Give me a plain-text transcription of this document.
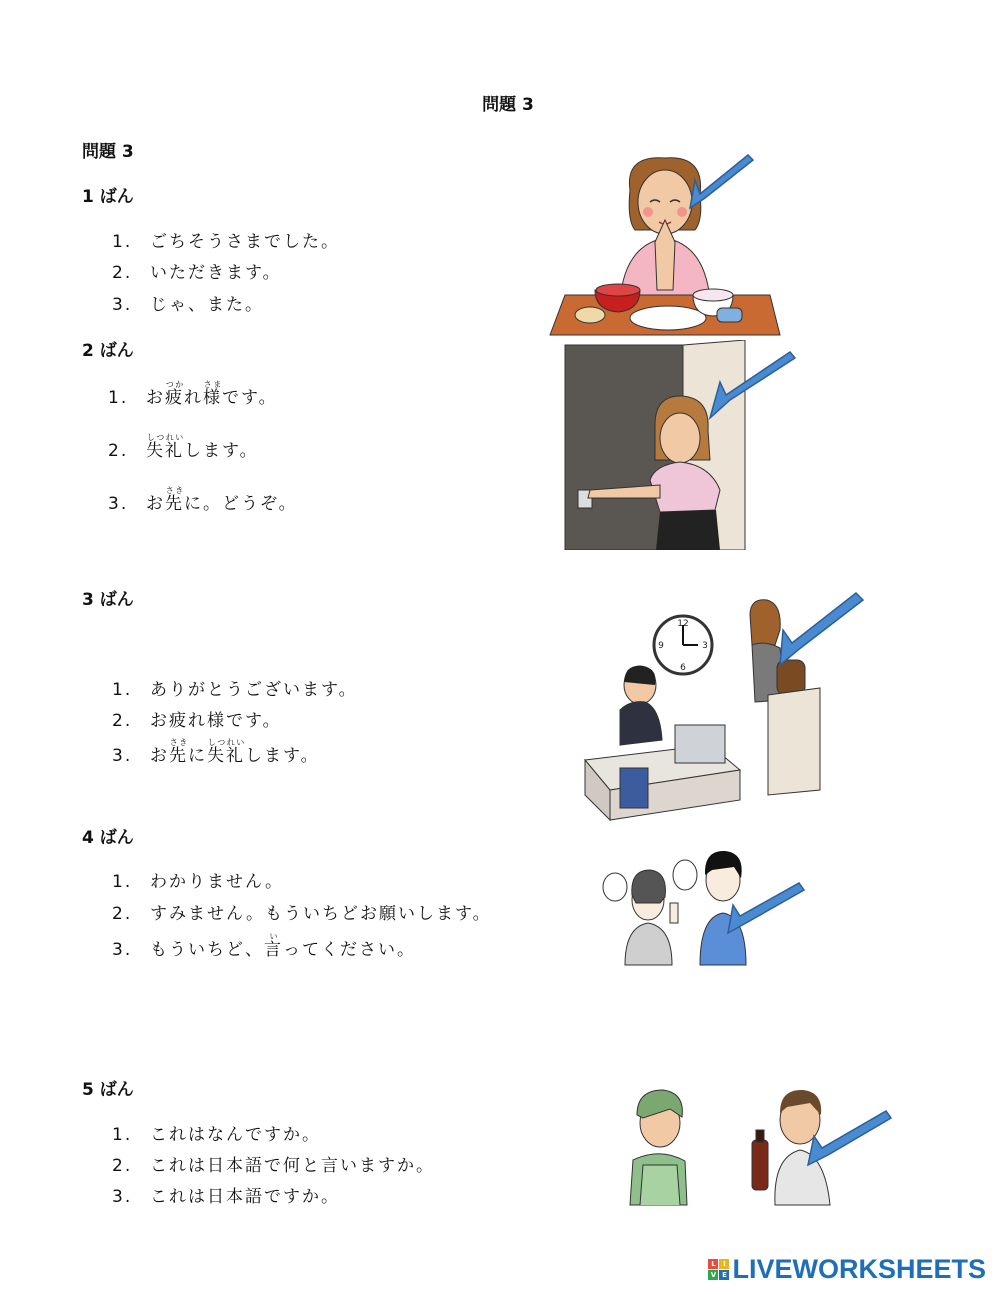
問題 3
問題 3
1 ばん
1. ごちそうさまでした。
2. いただきます。
3. じゃ、また。
2 ばん
1. お疲つかれ様さまです。
2. 失礼しつれいします。
3. お先さきに。どうぞ。
3 ばん
1. ありがとうございます。
2. お疲れ様です。
3. お先さきに失礼しつれいします。
4 ばん
1. わかりません。
2. すみません。もういちどお願いします。
3. もういちど、言いってください。
5 ばん
1. これはなんですか。
2. これは日本語で何と言いますか。
3. これは日本語ですか。
12
3
6
9
L	I
V E LIVEWORKSHEETS
